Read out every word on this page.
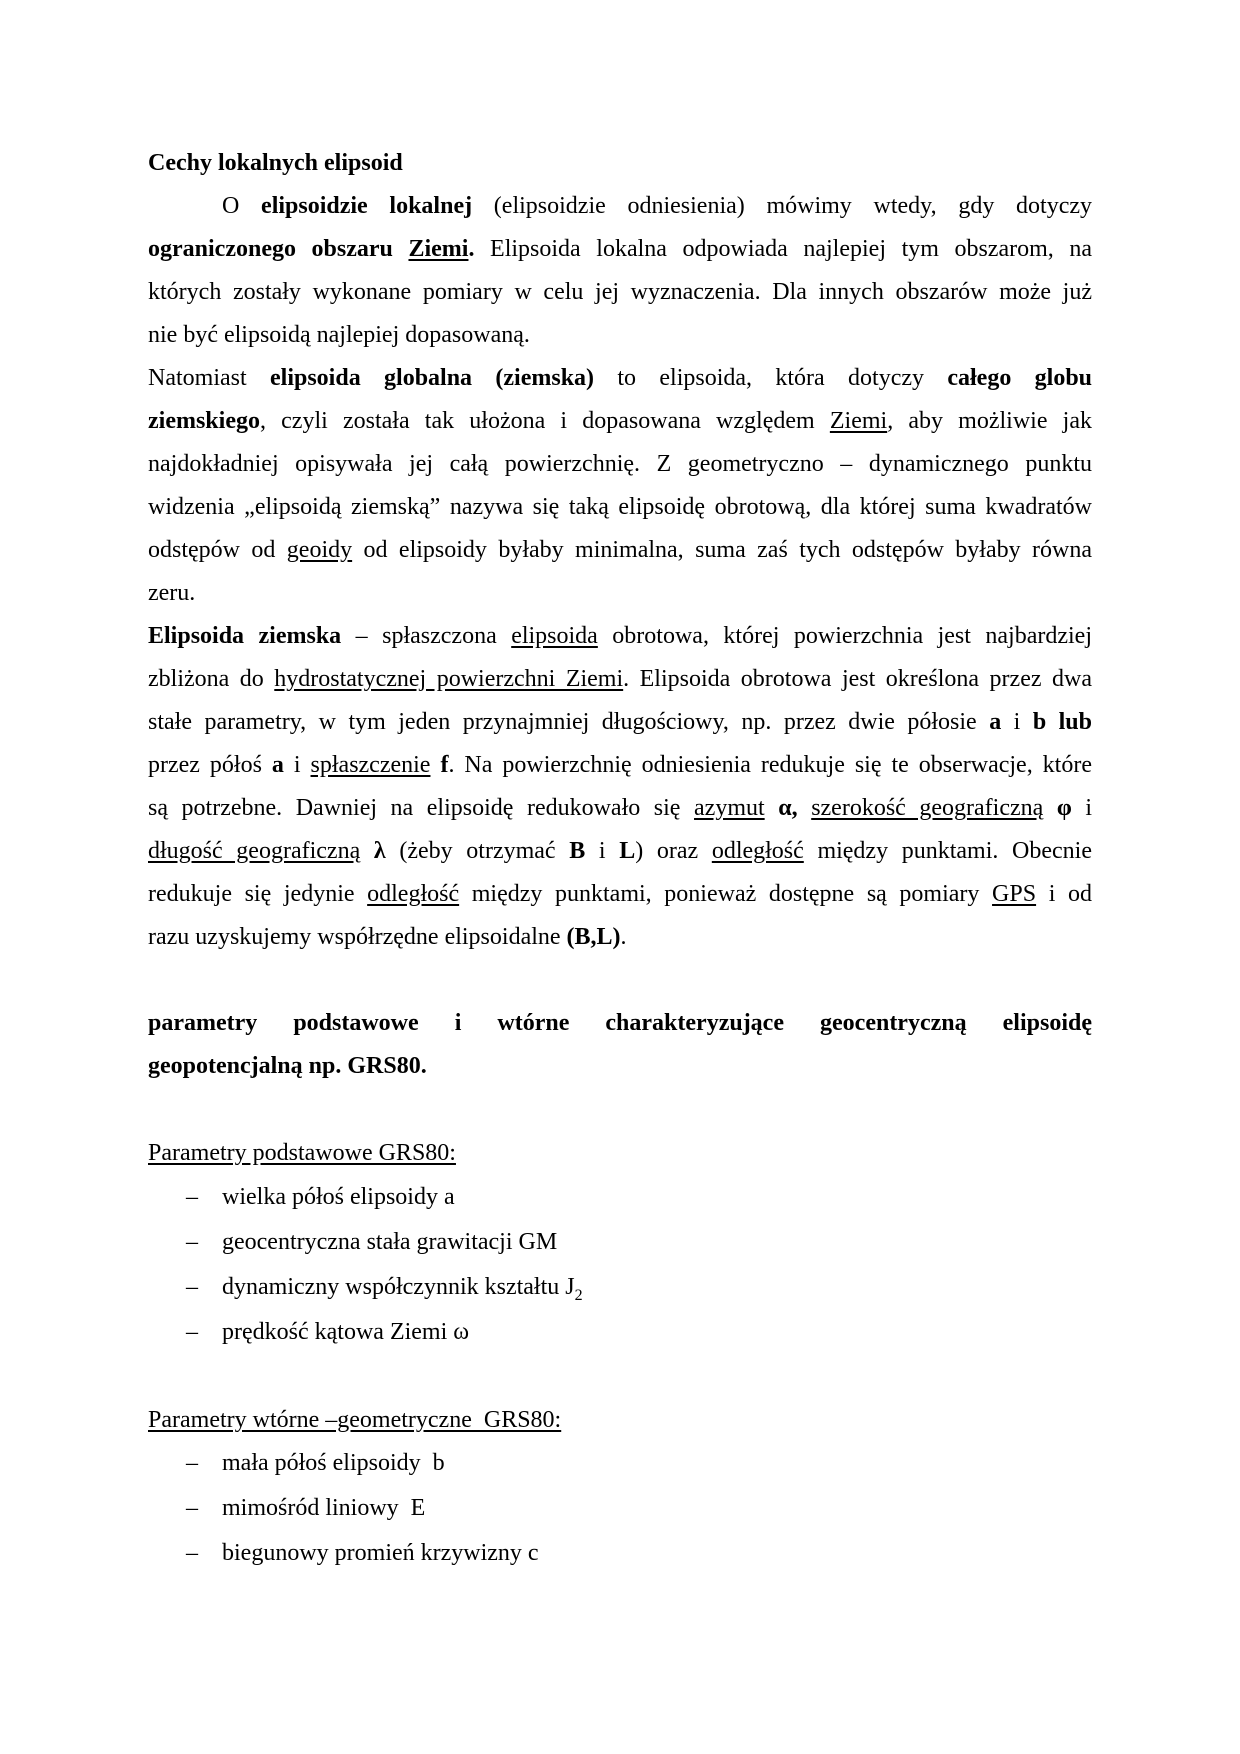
Cechy lokalnych elipsoid
O elipsoidzie lokalnej (elipsoidzie odniesienia) mówimy wtedy, gdy dotyczy
ograniczonego obszaru Ziemi. Elipsoida lokalna odpowiada najlepiej tym obszarom, na
których zostały wykonane pomiary w celu jej wyznaczenia. Dla innych obszarów może już
nie być elipsoidą najlepiej dopasowaną.
Natomiast elipsoida globalna (ziemska) to elipsoida, która dotyczy całego globu
ziemskiego, czyli została tak ułożona i dopasowana względem Ziemi, aby możliwie jak
najdokładniej opisywała jej całą powierzchnię. Z geometryczno – dynamicznego punktu
widzenia „elipsoidą ziemską” nazywa się taką elipsoidę obrotową, dla której suma kwadratów
odstępów od geoidy od elipsoidy byłaby minimalna, suma zaś tych odstępów byłaby równa
zeru.
Elipsoida ziemska – spłaszczona elipsoida obrotowa, której powierzchnia jest najbardziej
zbliżona do hydrostatycznej powierzchni Ziemi. Elipsoida obrotowa jest określona przez dwa
stałe parametry, w tym jeden przynajmniej długościowy, np. przez dwie półosie a i b lub
przez półoś a i spłaszczenie f. Na powierzchnię odniesienia redukuje się te obserwacje, które
są potrzebne. Dawniej na elipsoidę redukowało się azymut α, szerokość geograficzną φ i
długość geograficzną λ (żeby otrzymać B i L) oraz odległość między punktami. Obecnie
redukuje się jedynie odległość między punktami, ponieważ dostępne są pomiary GPS i od
razu uzyskujemy współrzędne elipsoidalne (B,L).
parametry podstawowe i wtórne charakteryzujące geocentryczną elipsoidę
geopotencjalną np. GRS80.
Parametry podstawowe GRS80:
– wielka półoś elipsoidy a
– geocentryczna stała grawitacji GM
– dynamiczny współczynnik kształtu $J_2$
– prędkość kątowa Ziemi ω
Parametry wtórne –geometryczne  GRS80:
– mała półoś elipsoidy  b
– mimośród liniowy  E
– biegunowy promień krzywizny c
